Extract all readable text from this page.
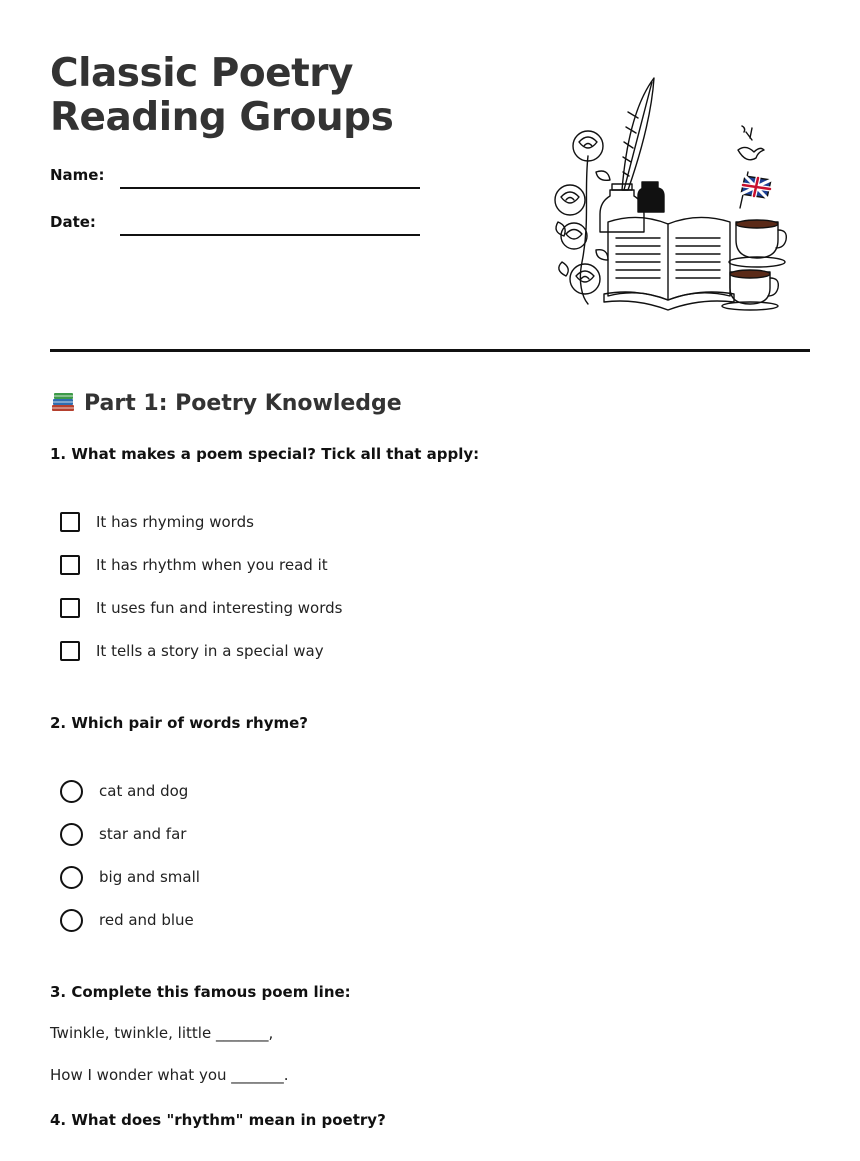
Classic Poetry Reading Groups
Name:
Date:
Part 1: Poetry Knowledge
1. What makes a poem special? Tick all that apply:
It has rhyming words
It has rhythm when you read it
It uses fun and interesting words
It tells a story in a special way
2. Which pair of words rhyme?
cat and dog
star and far
big and small
red and blue
3. Complete this famous poem line:
Twinkle, twinkle, little _______,
How I wonder what you _______.
4. What does "rhythm" mean in poetry?
